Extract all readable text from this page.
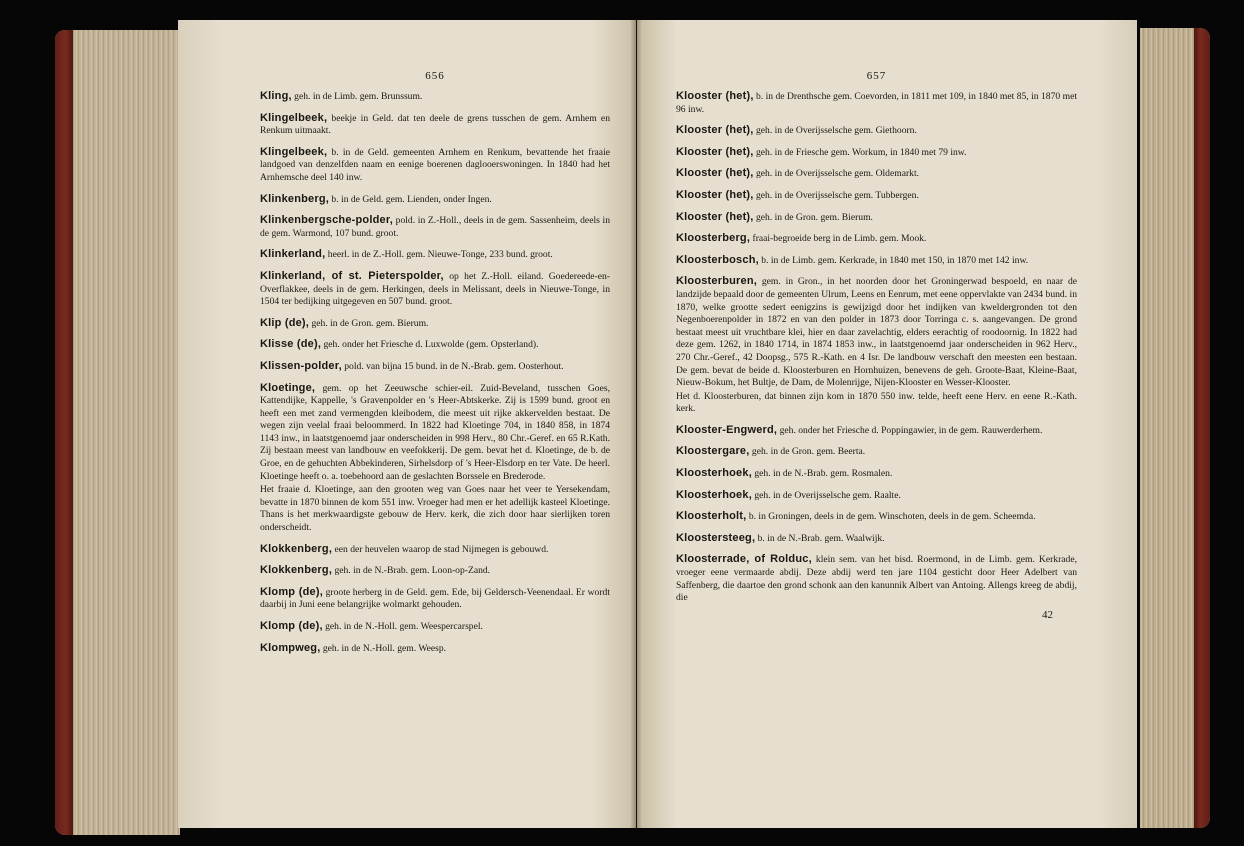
656

Kling, geh. in de Limb. gem. Brunssum.

Klingelbeek, beekje in Geld. dat ten deele de grens tusschen de gem. Arnhem en Renkum uitmaakt.

Klingelbeek, b. in de Geld. gemeenten Arnhem en Renkum, bevattende het fraaie landgoed van denzelfden naam en eenige boerenen daglooerswoningen. In 1840 had het Arnhemsche deel 140 inw.

Klinkenberg, b. in de Geld. gem. Lienden, onder Ingen.

Klinkenbergsche-polder, pold. in Z.-Holl., deels in de gem. Sassenheim, deels in de gem. Warmond, 107 bund. groot.

Klinkerland, heerl. in de Z.-Holl. gem. Nieuwe-Tonge, 233 bund. groot.

Klinkerland, of st. Pieterspolder, op het Z.-Holl. eiland. Goedereede-en-Overflakkee, deels in de gem. Herkingen, deels in Melissant, deels in Nieuwe-Tonge, in 1504 ter bedijking uitgegeven en 507 bund. groot.

Klip (de), geh. in de Gron. gem. Bierum.

Klisse (de), geh. onder het Friesche d. Luxwolde (gem. Opsterland).

Klissen-polder, pold. van bijna 15 bund. in de N.-Brab. gem. Oosterhout.

Kloetinge, gem. op het Zeeuwsche schier-eil. Zuid-Beveland, tusschen Goes, Kattendijke, Kappelle, 's Gravenpolder en 's Heer-Abtskerke. Zij is 1599 bund. groot en heeft een met zand vermengden kleibodem, die meest uit rijke akkervelden bestaat. De wegen zijn veelal fraai beloommerd. In 1822 had Kloetinge 704, in 1840 858, in 1874 1143 inw., in laatstgenoemd jaar onderscheiden in 998 Herv., 80 Chr.-Geref. en 65 R.Kath. Zij bestaan meest van landbouw en veefokkerij. De gem. bevat het d. Kloetinge, de b. de Groe, en de gehuchten Abbekinderen, Sirhelsdorp of 's Heer-Elsdorp en ter Vate. De heerl. Kloetinge heeft o. a. toebehoord aan de geslachten Borssele en Brederode.

Het fraaie d. Kloetinge, aan den grooten weg van Goes naar het veer te Yersekendam, bevatte in 1870 binnen de kom 551 inw. Vroeger had men er het adellijk kasteel Kloetinge. Thans is het merkwaardigste gebouw de Herv. kerk, die zich door haar sierlijken toren onderscheidt.

Klokkenberg, een der heuvelen waarop de stad Nijmegen is gebouwd.

Klokkenberg, geh. in de N.-Brab. gem. Loon-op-Zand.

Klomp (de), groote herberg in de Geld. gem. Ede, bij Geldersch-Veenendaal. Er wordt daarbij in Juni eene belangrijke wolmarkt gehouden.

Klomp (de), geh. in de N.-Holl. gem. Weespercarspel.

Klompweg, geh. in de N.-Holl. gem. Weesp.

657

Klooster (het), b. in de Drenthsche gem. Coevorden, in 1811 met 109, in 1840 met 85, in 1870 met 96 inw.

Klooster (het), geh. in de Overijsselsche gem. Giethoorn.

Klooster (het), geh. in de Friesche gem. Workum, in 1840 met 79 inw.

Klooster (het), geh. in de Overijsselsche gem. Oldemarkt.

Klooster (het), geh. in de Overijsselsche gem. Tubbergen.

Klooster (het), geh. in de Gron. gem. Bierum.

Kloosterberg, fraai-begroeide berg in de Limb. gem. Mook.

Kloosterbosch, b. in de Limb. gem. Kerkrade, in 1840 met 150, in 1870 met 142 inw.

Kloosterburen, gem. in Gron., in het noorden door het Groningerwad bespoeld, en naar de landzijde bepaald door de gemeenten Ulrum, Leens en Eenrum, met eene oppervlakte van 2434 bund. in 1870, welke grootte sedert eenigzins is gewijzigd door het indijken van kweldergronden tot den Negenboerenpolder in 1872 en van den polder in 1873 door Torringa c. s. aangevangen. De grond bestaat meest uit vruchtbare klei, hier en daar zavelachtig, elders eerachtig of roodoornig. In 1822 had deze gem. 1262, in 1840 1714, in 1874 1853 inw., in laatstgenoemd jaar onderscheiden in 962 Herv., 270 Chr.-Geref., 42 Doopsg., 575 R.-Kath. en 4 Isr. De landbouw verschaft den meesten een bestaan. De gem. bevat de beide d. Kloosterburen en Hornhuizen, benevens de geh. Groote-Baat, Kleine-Baat, Nieuw-Bokum, het Bultje, de Dam, de Molenrijge, Nijen-Klooster en Wesser-Klooster.

Het d. Kloosterburen, dat binnen zijn kom in 1870 550 inw. telde, heeft eene Herv. en eene R.-Kath. kerk.

Klooster-Engwerd, geh. onder het Friesche d. Poppingawier, in de gem. Rauwerderhem.

Kloostergare, geh. in de Gron. gem. Beerta.

Kloosterhoek, geh. in de N.-Brab. gem. Rosmalen.

Kloosterhoek, geh. in de Overijsselsche gem. Raalte.

Kloosterholt, b. in Groningen, deels in de gem. Winschoten, deels in de gem. Scheemda.

Kloostersteeg, b. in de N.-Brab. gem. Waalwijk.

Kloosterrade, of Rolduc, klein sem. van het bisd. Roermond, in de Limb. gem. Kerkrade, vroeger eene vermaarde abdij. Deze abdij werd ten jare 1104 gesticht door Heer Adelbert van Saffenberg, die daartoe den grond schonk aan den kanunnik Albert van Antoing. Allengs kreeg de abdij, die

42
